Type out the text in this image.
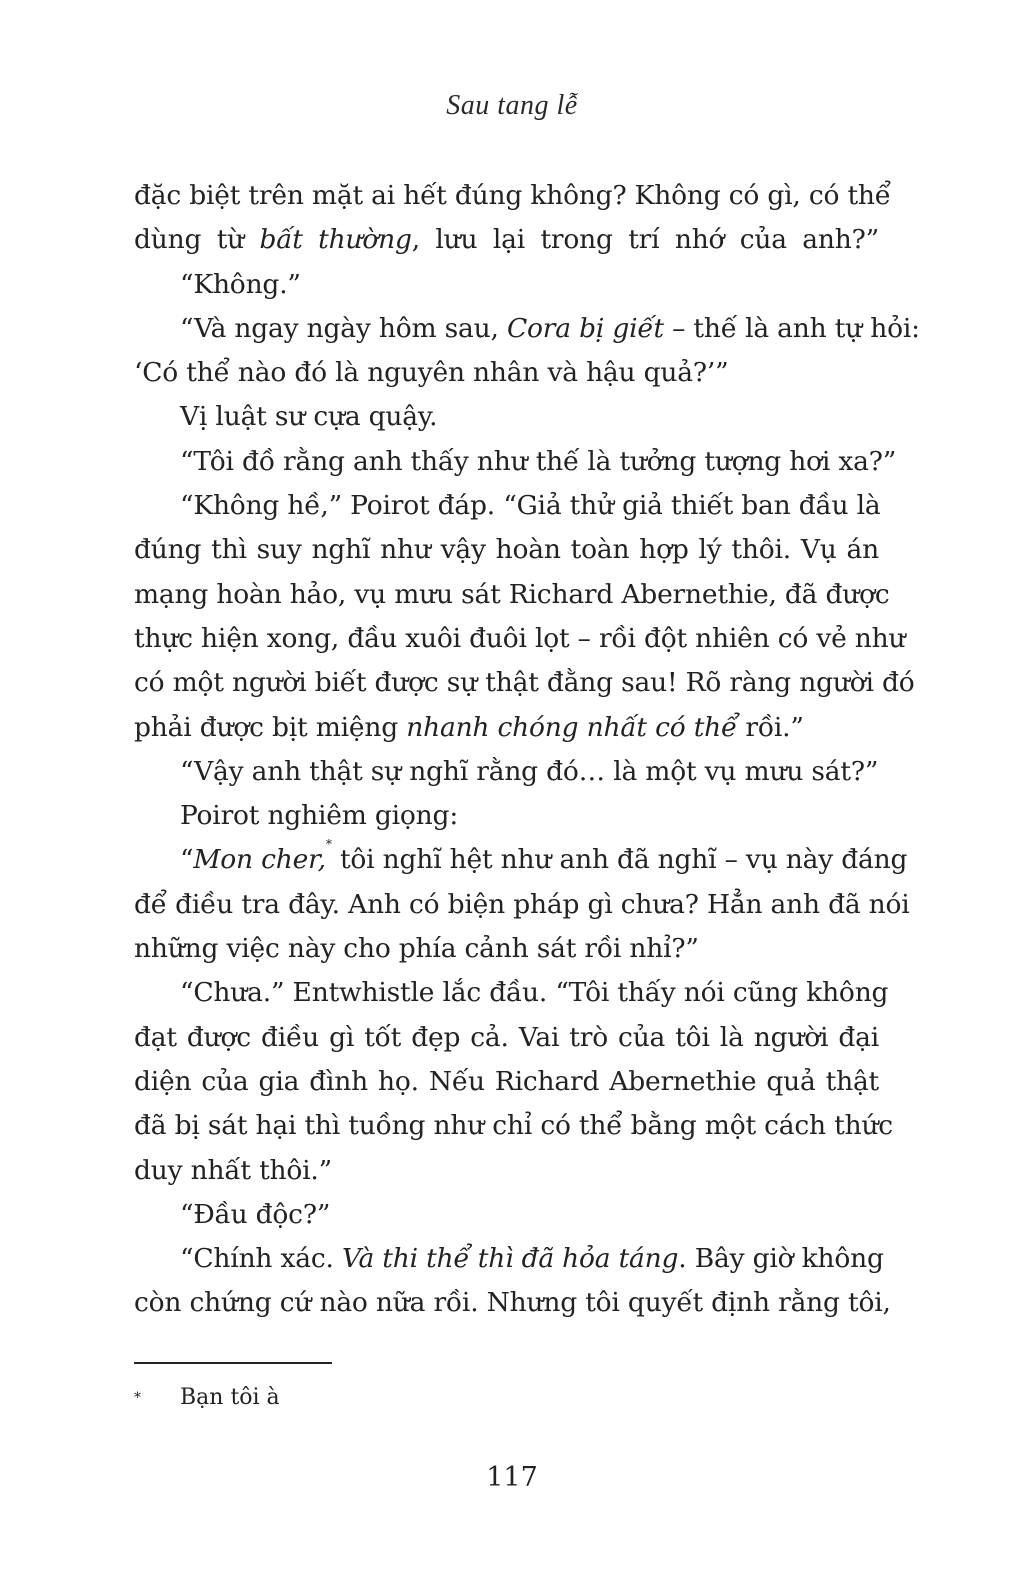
Sau tang lễ
đặc biệt trên mặt ai hết đúng không? Không có gì, có thể
dùng từ bất thường, lưu lại trong trí nhớ của anh?”
“Không.”
“Và ngay ngày hôm sau, Cora bị giết – thế là anh tự hỏi:
‘Có thể nào đó là nguyên nhân và hậu quả?’”
Vị luật sư cựa quậy.
“Tôi đồ rằng anh thấy như thế là tưởng tượng hơi xa?”
“Không hề,” Poirot đáp. “Giả thử giả thiết ban đầu là
đúng thì suy nghĩ như vậy hoàn toàn hợp lý thôi. Vụ án
mạng hoàn hảo, vụ mưu sát Richard Abernethie, đã được
thực hiện xong, đầu xuôi đuôi lọt – rồi đột nhiên có vẻ như
có một người biết được sự thật đằng sau! Rõ ràng người đó
phải được bịt miệng nhanh chóng nhất có thể rồi.”
“Vậy anh thật sự nghĩ rằng đó… là một vụ mưu sát?”
Poirot nghiêm giọng:
“Mon cher,* tôi nghĩ hệt như anh đã nghĩ – vụ này đáng
để điều tra đây. Anh có biện pháp gì chưa? Hẳn anh đã nói
những việc này cho phía cảnh sát rồi nhỉ?”
“Chưa.” Entwhistle lắc đầu. “Tôi thấy nói cũng không
đạt được điều gì tốt đẹp cả. Vai trò của tôi là người đại
diện của gia đình họ. Nếu Richard Abernethie quả thật
đã bị sát hại thì tuồng như chỉ có thể bằng một cách thức
duy nhất thôi.”
“Đầu độc?”
“Chính xác. Và thi thể thì đã hỏa táng. Bây giờ không
còn chứng cứ nào nữa rồi. Nhưng tôi quyết định rằng tôi,
* Bạn tôi à
117
